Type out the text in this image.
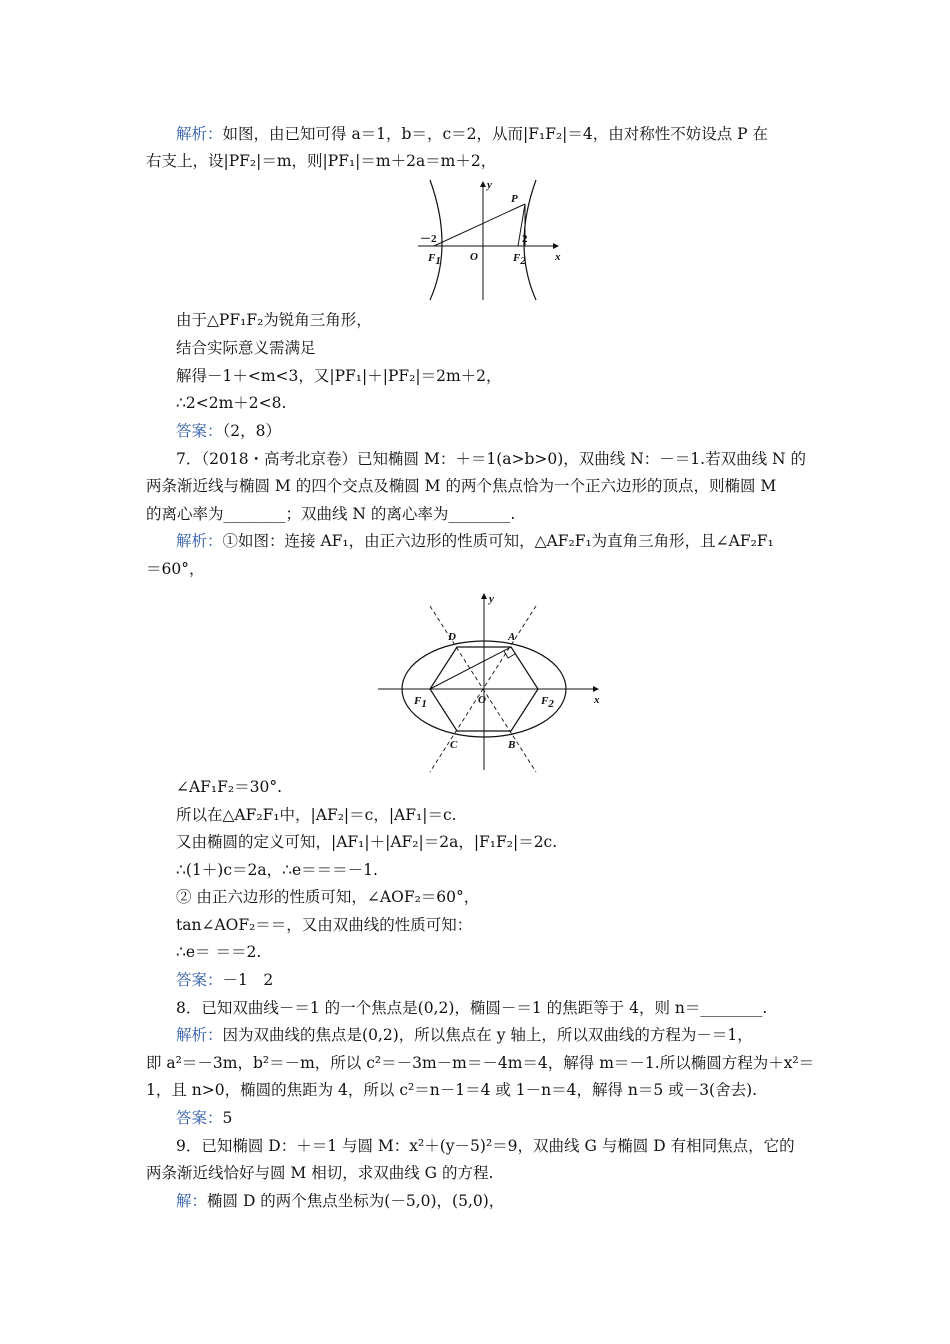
解析：如图，由已知可得 a＝1，b＝，c＝2，从而|F₁F₂|＝4，由对称性不妨设点 P 在
右支上，设|PF₂|＝m，则|PF₁|＝m＋2a＝m＋2，
y
x
P
－2	2
O
F1	F2
由于△PF₁F₂为锐角三角形，
结合实际意义需满足
解得－1＋<m<3，又|PF₁|＋|PF₂|＝2m＋2，
∴2<2m＋2<8.
答案：（2，8）
7．（2018・高考北京卷）已知椭圆 M：＋＝1(a>b>0)，双曲线 N：－＝1.若双曲线 N 的
两条渐近线与椭圆 M 的四个交点及椭圆 M 的两个焦点恰为一个正六边形的顶点，则椭圆 M
的离心率为________；双曲线 N 的离心率为________.
解析：①如图：连接 AF₁，由正六边形的性质可知，△AF₂F₁为直角三角形，且∠AF₂F₁
＝60°，
y
x
A
D
B
C
O
F1	F2
∠AF₁F₂＝30°.
所以在△AF₂F₁中，|AF₂|＝c，|AF₁|＝c.
又由椭圆的定义可知，|AF₁|＋|AF₂|＝2a，|F₁F₂|＝2c.
∴(1＋)c＝2a，∴e＝＝＝－1.
② 由正六边形的性质可知，∠AOF₂＝60°，
tan∠AOF₂＝＝，又由双曲线的性质可知：
∴e＝ ＝＝2.
答案：－1　2
8．已知双曲线－＝1 的一个焦点是(0,2)，椭圆－＝1 的焦距等于 4，则 n＝________.
解析：因为双曲线的焦点是(0,2)，所以焦点在 y 轴上，所以双曲线的方程为－＝1，
即 a²＝－3m，b²＝－m，所以 c²＝－3m－m＝－4m＝4，解得 m＝－1.所以椭圆方程为＋x²＝
1，且 n>0，椭圆的焦距为 4，所以 c²＝n－1＝4 或 1－n＝4，解得 n＝5 或－3(舍去).
答案：5
9．已知椭圆 D：＋＝1 与圆 M：x²＋(y－5)²＝9，双曲线 G 与椭圆 D 有相同焦点，它的
两条渐近线恰好与圆 M 相切，求双曲线 G 的方程.
解：椭圆 D 的两个焦点坐标为(－5,0)，(5,0)，
